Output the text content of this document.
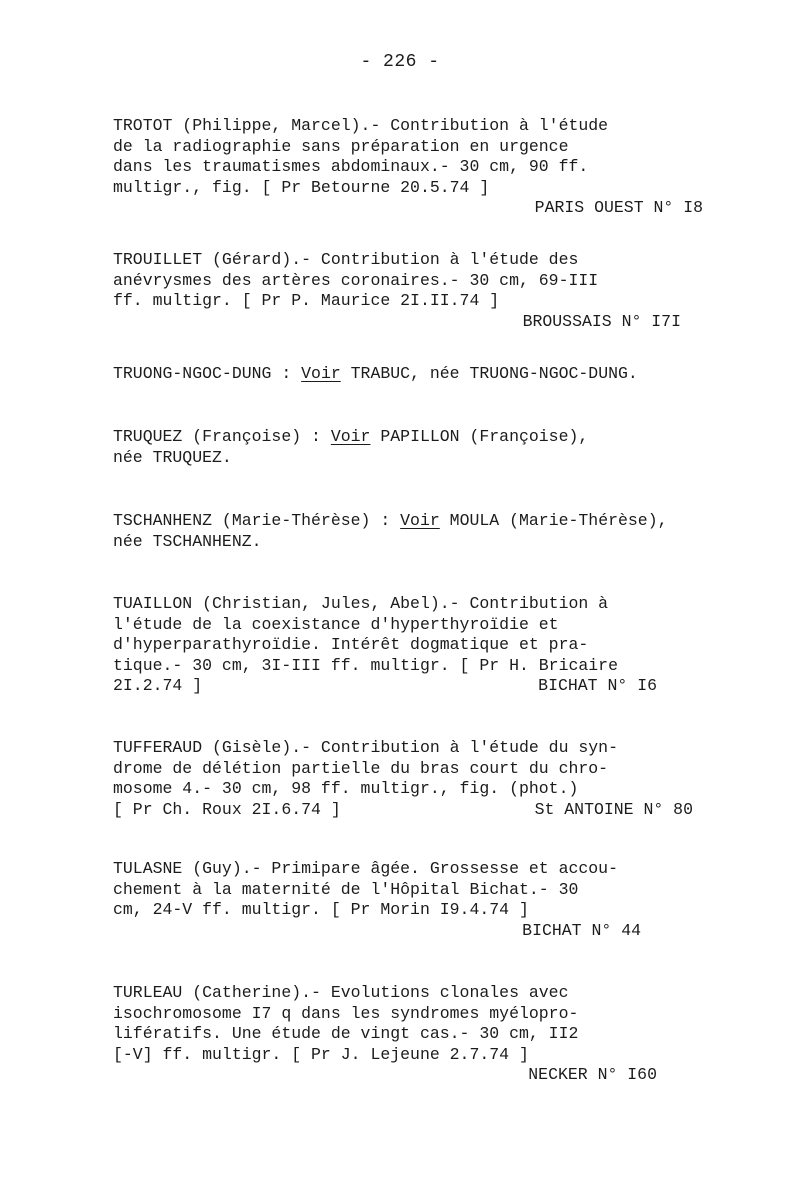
- 226 -
TROTOT (Philippe, Marcel).- Contribution à l'étude
de la radiographie sans préparation en urgence
dans les traumatismes abdominaux.- 30 cm, 90 ff.
multigr., fig. [ Pr Betourne 20.5.74 ]
PARIS OUEST N° I8
TROUILLET (Gérard).- Contribution à l'étude des
anévrysmes des artères coronaires.- 30 cm, 69-III
ff. multigr. [ Pr P. Maurice 2I.II.74 ]
BROUSSAIS N° I7I
TRUONG-NGOC-DUNG : Voir TRABUC, née TRUONG-NGOC-DUNG.
TRUQUEZ (Françoise) : Voir PAPILLON (Françoise),
née TRUQUEZ.
TSCHANHENZ (Marie-Thérèse) : Voir MOULA (Marie-Thérèse),
née TSCHANHENZ.
TUAILLON (Christian, Jules, Abel).- Contribution à
l'étude de la coexistance d'hyperthyroïdie et
d'hyperparathyroïdie. Intérêt dogmatique et pra-
tique.- 30 cm, 3I-III ff. multigr. [ Pr H. Bricaire
2I.2.74 ]	BICHAT N° I6
TUFFERAUD (Gisèle).- Contribution à l'étude du syn-
drome de délétion partielle du bras court du chro-
mosome 4.- 30 cm, 98 ff. multigr., fig. (phot.)
[ Pr Ch. Roux 2I.6.74 ]	St ANTOINE N° 80
TULASNE (Guy).- Primipare âgée. Grossesse et accou-
chement à la maternité de l'Hôpital Bichat.- 30
cm, 24-V ff. multigr. [ Pr Morin I9.4.74 ]
BICHAT N° 44
TURLEAU (Catherine).- Evolutions clonales avec
isochromosome I7 q dans les syndromes myélopro-
lifératifs. Une étude de vingt cas.- 30 cm, II2
[-V] ff. multigr. [ Pr J. Lejeune 2.7.74 ]
NECKER N° I60
